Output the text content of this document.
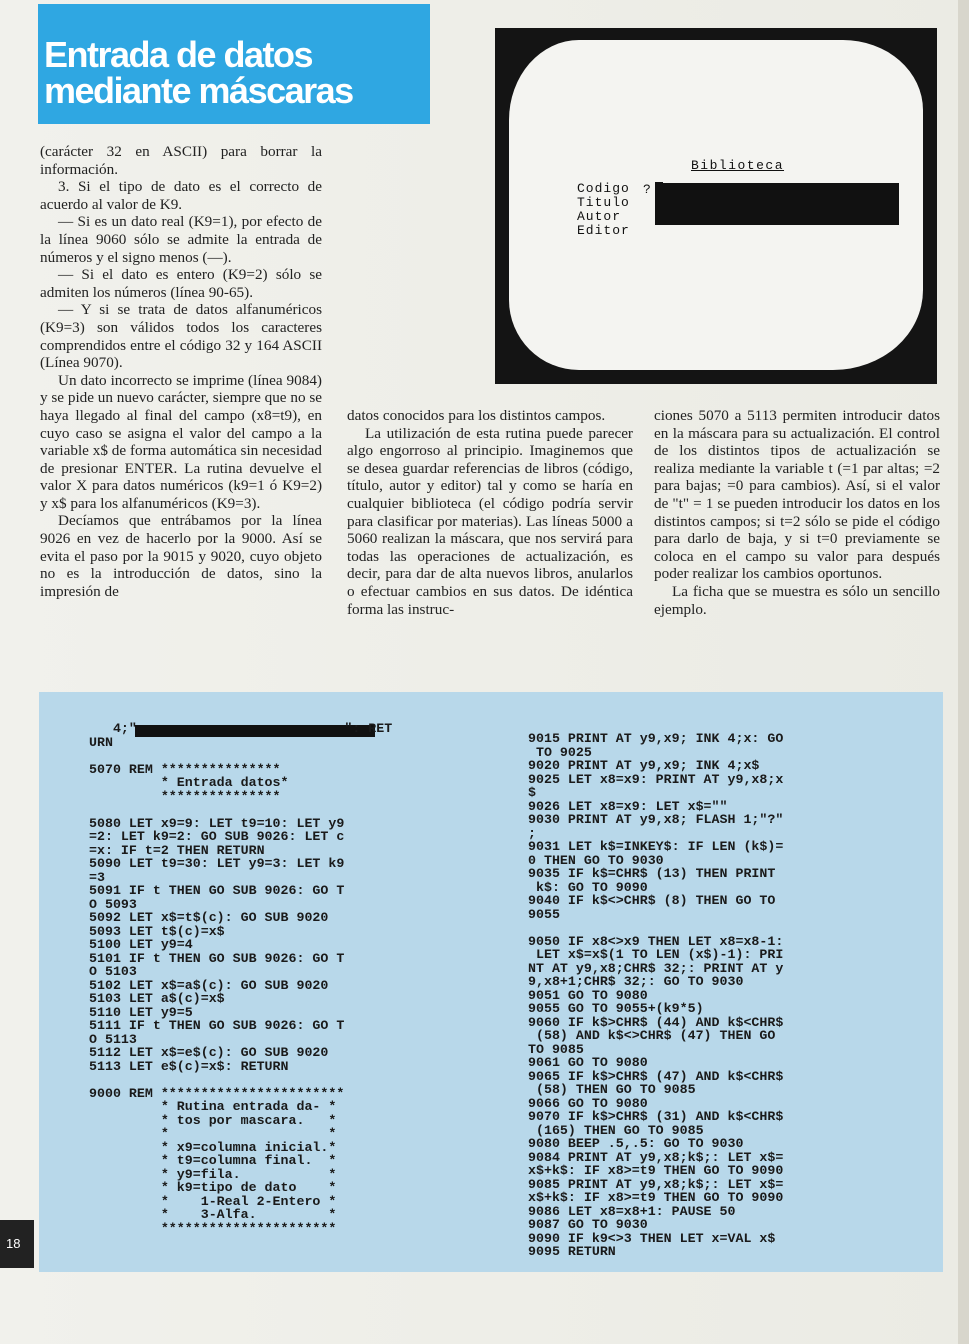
Entrada de datos
mediante máscaras

(carácter 32 en ASCII) para borrar la información.

3. Si el tipo de dato es el correcto de acuerdo al valor de K9.

— Si es un dato real (K9=1), por efecto de la línea 9060 sólo se admite la entrada de números y el signo menos (—).

— Si el dato es entero (K9=2) sólo se admiten los números (línea 90-65).

— Y si se trata de datos alfanuméricos (K9=3) son válidos todos los caracteres comprendidos entre el código 32 y 164 ASCII (Línea 9070).

Un dato incorrecto se imprime (línea 9084) y se pide un nuevo carácter, siempre que no se haya llegado al final del campo (x8=t9), en cuyo caso se asigna el valor del campo a la variable x$ de forma automática sin necesidad de presionar ENTER. La rutina devuelve el valor X para datos numéricos (k9=1 ó K9=2) y x$ para los alfanuméricos (K9=3).

Decíamos que entrábamos por la línea 9026 en vez de hacerlo por la 9000. Así se evita el paso por la 9015 y 9020, cuyo objeto no es la introducción de datos, sino la impresión de

Biblioteca
Codigo
Titulo
Autor
Editor
?

datos conocidos para los distintos campos.

La utilización de esta rutina puede parecer algo engorroso al principio. Imaginemos que se desea guardar referencias de libros (código, título, autor y editor) tal y como se haría en cualquier biblioteca (el código podría servir para clasificar por materias). Las líneas 5000 a 5060 realizan la máscara, que nos servirá para todas las operaciones de actualización, es decir, para dar de alta nuevos libros, anularlos o efectuar cambios en sus datos. De idéntica forma las instruc-

ciones 5070 a 5113 permiten introducir datos en la máscara para su actualización. El control de los distintos tipos de actualización se realiza mediante la variable t (=1 par altas; =2 para bajas; =0 para cambios). Así, si el valor de "t" = 1 se pueden introducir los datos en los distintos campos; si t=2 sólo se pide el código para darlo de baja, y si t=0 previamente se coloca en el campo su valor para después poder realizar los cambios oportunos.

La ficha que se muestra es sólo un sencillo ejemplo.

4;"                          ": RET
URN

5070 REM ***************
* Entrada datos*
***************

5080 LET x9=9: LET t9=10: LET y9
=2: LET k9=2: GO SUB 9026: LET c
=x: IF t=2 THEN RETURN
5090 LET t9=30: LET y9=3: LET k9
=3
5091 IF t THEN GO SUB 9026: GO T
O 5093
5092 LET x$=t$(c): GO SUB 9020
5093 LET t$(c)=x$
5100 LET y9=4
5101 IF t THEN GO SUB 9026: GO T
O 5103
5102 LET x$=a$(c): GO SUB 9020
5103 LET a$(c)=x$
5110 LET y9=5
5111 IF t THEN GO SUB 9026: GO T
O 5113
5112 LET x$=e$(c): GO SUB 9020
5113 LET e$(c)=x$: RETURN

9000 REM ***********************
* Rutina entrada da- *
* tos por mascara.   *
*                    *
* x9=columna inicial.*
* t9=columna final.  *
* y9=fila.           *
* k9=tipo de dato    *
*    1-Real 2-Entero *
*    3-Alfa.         *
**********************
9015 PRINT AT y9,x9; INK 4;x: GO
TO 9025
9020 PRINT AT y9,x9; INK 4;x$
9025 LET x8=x9: PRINT AT y9,x8;x
$
9026 LET x8=x9: LET x$=""
9030 PRINT AT y9,x8; FLASH 1;"?"
;
9031 LET k$=INKEY$: IF LEN (k$)=
0 THEN GO TO 9030
9035 IF k$=CHR$ (13) THEN PRINT
k$: GO TO 9090
9040 IF k$<>CHR$ (8) THEN GO TO
9055

9050 IF x8<>x9 THEN LET x8=x8-1:
LET x$=x$(1 TO LEN (x$)-1): PRI
NT AT y9,x8;CHR$ 32;: PRINT AT y
9,x8+1;CHR$ 32;: GO TO 9030
9051 GO TO 9080
9055 GO TO 9055+(k9*5)
9060 IF k$>CHR$ (44) AND k$<CHR$
(58) AND k$<>CHR$ (47) THEN GO
TO 9085
9061 GO TO 9080
9065 IF k$>CHR$ (47) AND k$<CHR$
(58) THEN GO TO 9085
9066 GO TO 9080
9070 IF k$>CHR$ (31) AND k$<CHR$
(165) THEN GO TO 9085
9080 BEEP .5,.5: GO TO 9030
9084 PRINT AT y9,x8;k$;: LET x$=
x$+k$: IF x8>=t9 THEN GO TO 9090
9085 PRINT AT y9,x8;k$;: LET x$=
x$+k$: IF x8>=t9 THEN GO TO 9090
9086 LET x8=x8+1: PAUSE 50
9087 GO TO 9030
9090 IF k9<>3 THEN LET x=VAL x$
9095 RETURN
18
